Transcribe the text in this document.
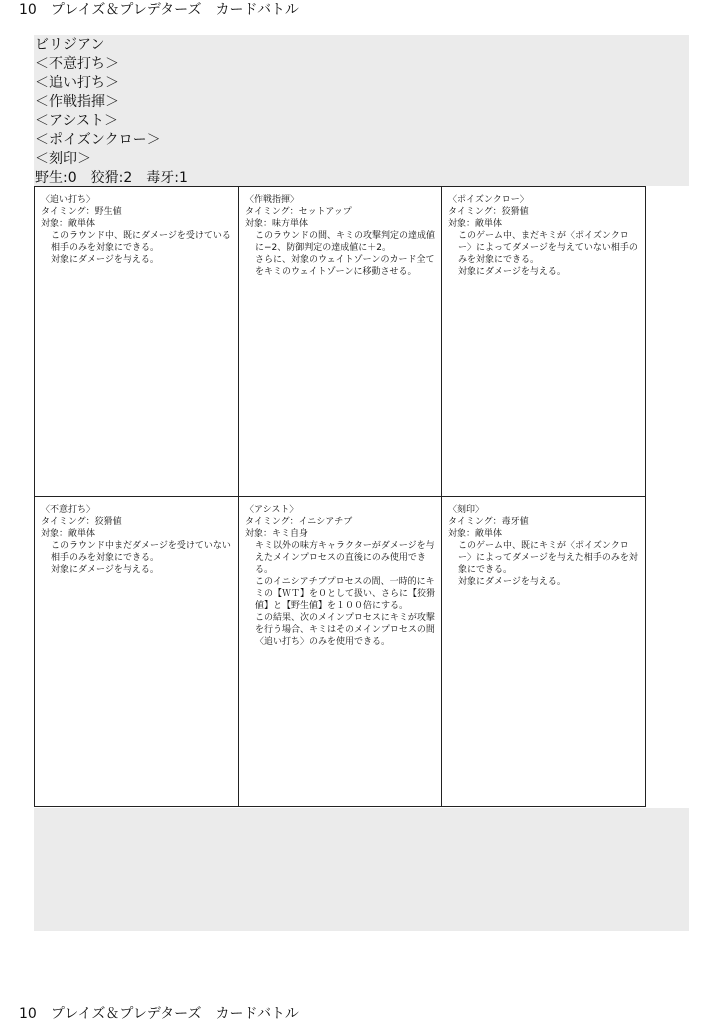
10　プレイズ＆プレデターズ　カードバトル
ビリジアン
＜不意打ち＞
＜追い打ち＞
＜作戦指揮＞
＜アシスト＞
＜ポイズンクロー＞
＜刻印＞
野生:0　狡猾:2　毒牙:1
〈追い打ち〉
タイミング：野生値
対象：敵単体
このラウンド中、既にダメージを受けている相手のみを対象にできる。
対象にダメージを与える。
〈作戦指揮〉
タイミング：セットアップ
対象：味方単体
このラウンドの間、キミの攻撃判定の達成値に−2、防御判定の達成値に＋2。
さらに、対象のウェイトゾーンのカード全てをキミのウェイトゾーンに移動させる。
〈ポイズンクロー〉
タイミング：狡猾値
対象：敵単体
このゲーム中、まだキミが〈ポイズンクロー〉によってダメージを与えていない相手のみを対象にできる。
対象にダメージを与える。
〈不意打ち〉
タイミング：狡猾値
対象：敵単体
このラウンド中まだダメージを受けていない相手のみを対象にできる。
対象にダメージを与える。
〈アシスト〉
タイミング：イニシアチブ
対象：キミ自身
キミ以外の味方キャラクターがダメージを与えたメインプロセスの直後にのみ使用できる。
このイニシアチブプロセスの間、一時的にキミの【ＷＴ】を０として扱い、さらに【狡猾値】と【野生値】を１００倍にする。
この結果、次のメインプロセスにキミが攻撃を行う場合、キミはそのメインプロセスの間〈追い打ち〉のみを使用できる。
〈刻印〉
タイミング：毒牙値
対象：敵単体
このゲーム中、既にキミが〈ポイズンクロー〉によってダメージを与えた相手のみを対象にできる。
対象にダメージを与える。
10　プレイズ＆プレデターズ　カードバトル
